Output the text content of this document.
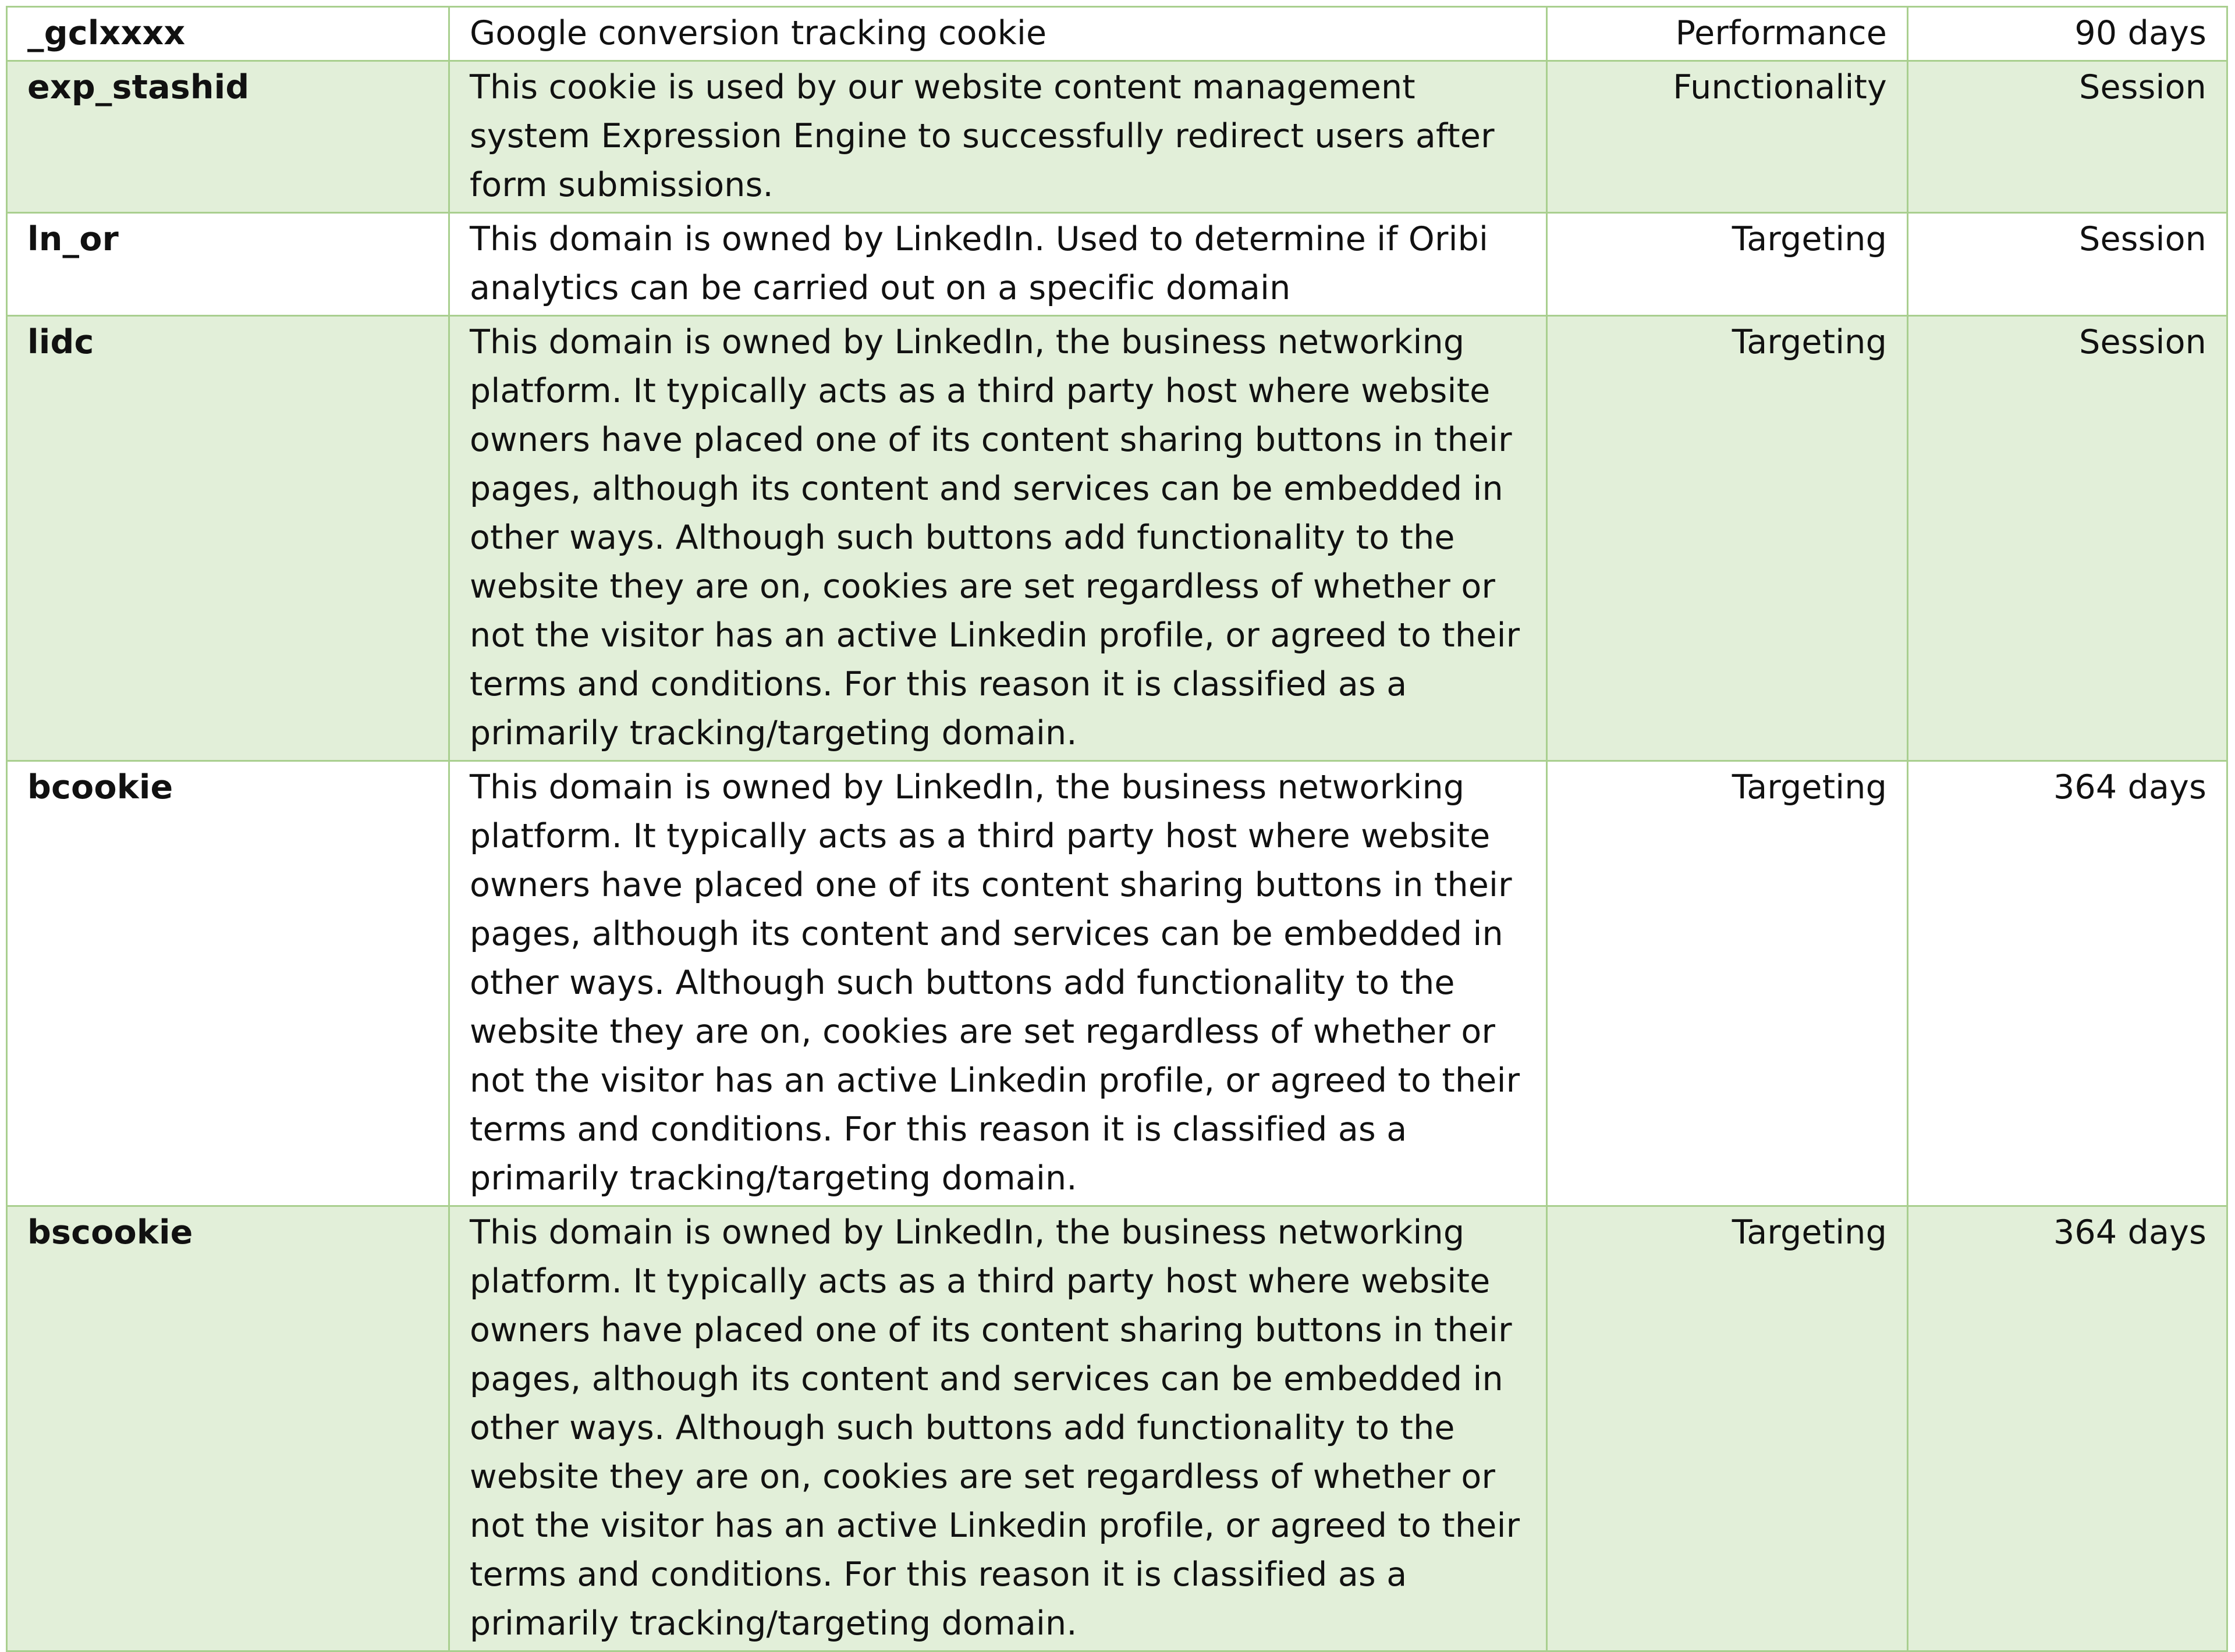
_gclxxxx	Google conversion tracking cookie	Performance	90 days
exp_stashid	This cookie is used by our website content management system Expression Engine to successfully redirect users after form submissions.	Functionality	Session
ln_or	This domain is owned by LinkedIn. Used to determine if Oribi analytics can be carried out on a specific domain	Targeting	Session
lidc	This domain is owned by LinkedIn, the business networking platform. It typically acts as a third party host where website owners have placed one of its content sharing buttons in their pages, although its content and services can be embedded in other ways. Although such buttons add functionality to the website they are on, cookies are set regardless of whether or not the visitor has an active Linkedin profile, or agreed to their terms and conditions. For this reason it is classified as a primarily tracking/targeting domain.	Targeting	Session
bcookie	This domain is owned by LinkedIn, the business networking platform. It typically acts as a third party host where website owners have placed one of its content sharing buttons in their pages, although its content and services can be embedded in other ways. Although such buttons add functionality to the website they are on, cookies are set regardless of whether or not the visitor has an active Linkedin profile, or agreed to their terms and conditions. For this reason it is classified as a primarily tracking/targeting domain.	Targeting	364 days
bscookie	This domain is owned by LinkedIn, the business networking platform. It typically acts as a third party host where website owners have placed one of its content sharing buttons in their pages, although its content and services can be embedded in other ways. Although such buttons add functionality to the website they are on, cookies are set regardless of whether or not the visitor has an active Linkedin profile, or agreed to their terms and conditions. For this reason it is classified as a primarily tracking/targeting domain.	Targeting	364 days
